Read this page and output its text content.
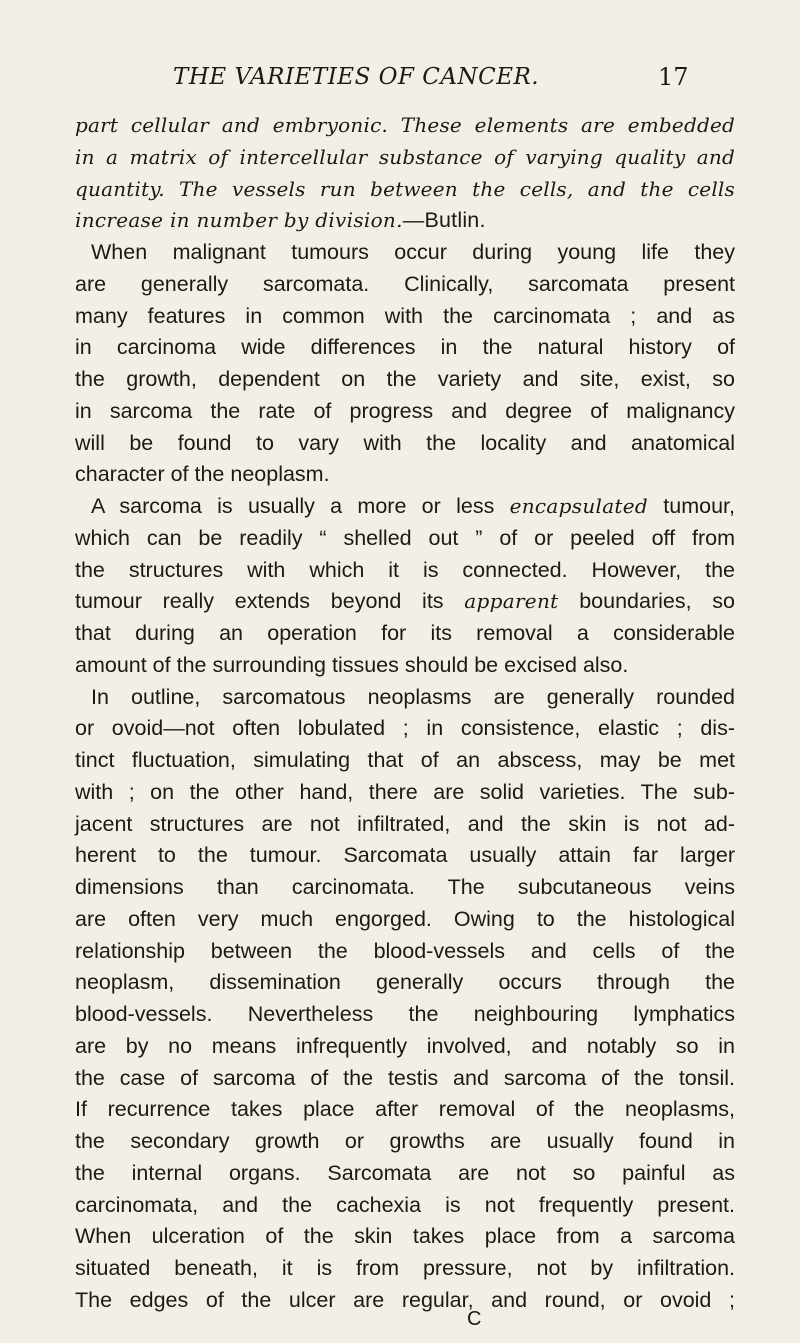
THE VARIETIES OF CANCER.	17
part cellular and embryonic. These elements are embedded
in a matrix of intercellular substance of varying quality and
quantity. The vessels run between the cells, and the cells
increase in number by division.—Butlin.
When malignant tumours occur during young life they
are generally sarcomata. Clinically, sarcomata present
many features in common with the carcinomata ; and as
in carcinoma wide differences in the natural history of
the growth, dependent on the variety and site, exist, so
in sarcoma the rate of progress and degree of malignancy
will be found to vary with the locality and anatomical
character of the neoplasm.
A sarcoma is usually a more or less encapsulated tumour,
which can be readily “ shelled out ” of or peeled off from
the structures with which it is connected. However, the
tumour really extends beyond its apparent boundaries, so
that during an operation for its removal a considerable
amount of the surrounding tissues should be excised also.
In outline, sarcomatous neoplasms are generally rounded
or ovoid—not often lobulated ; in consistence, elastic ; dis-
tinct fluctuation, simulating that of an abscess, may be met
with ; on the other hand, there are solid varieties. The sub-
jacent structures are not infiltrated, and the skin is not ad-
herent to the tumour. Sarcomata usually attain far larger
dimensions than carcinomata. The subcutaneous veins
are often very much engorged. Owing to the histological
relationship between the blood-vessels and cells of the
neoplasm, dissemination generally occurs through the
blood-vessels. Nevertheless the neighbouring lymphatics
are by no means infrequently involved, and notably so in
the case of sarcoma of the testis and sarcoma of the tonsil.
If recurrence takes place after removal of the neoplasms,
the secondary growth or growths are usually found in
the internal organs. Sarcomata are not so painful as
carcinomata, and the cachexia is not frequently present.
When ulceration of the skin takes place from a sarcoma
situated beneath, it is from pressure, not by infiltration.
The edges of the ulcer are regular, and round, or ovoid ;
C
